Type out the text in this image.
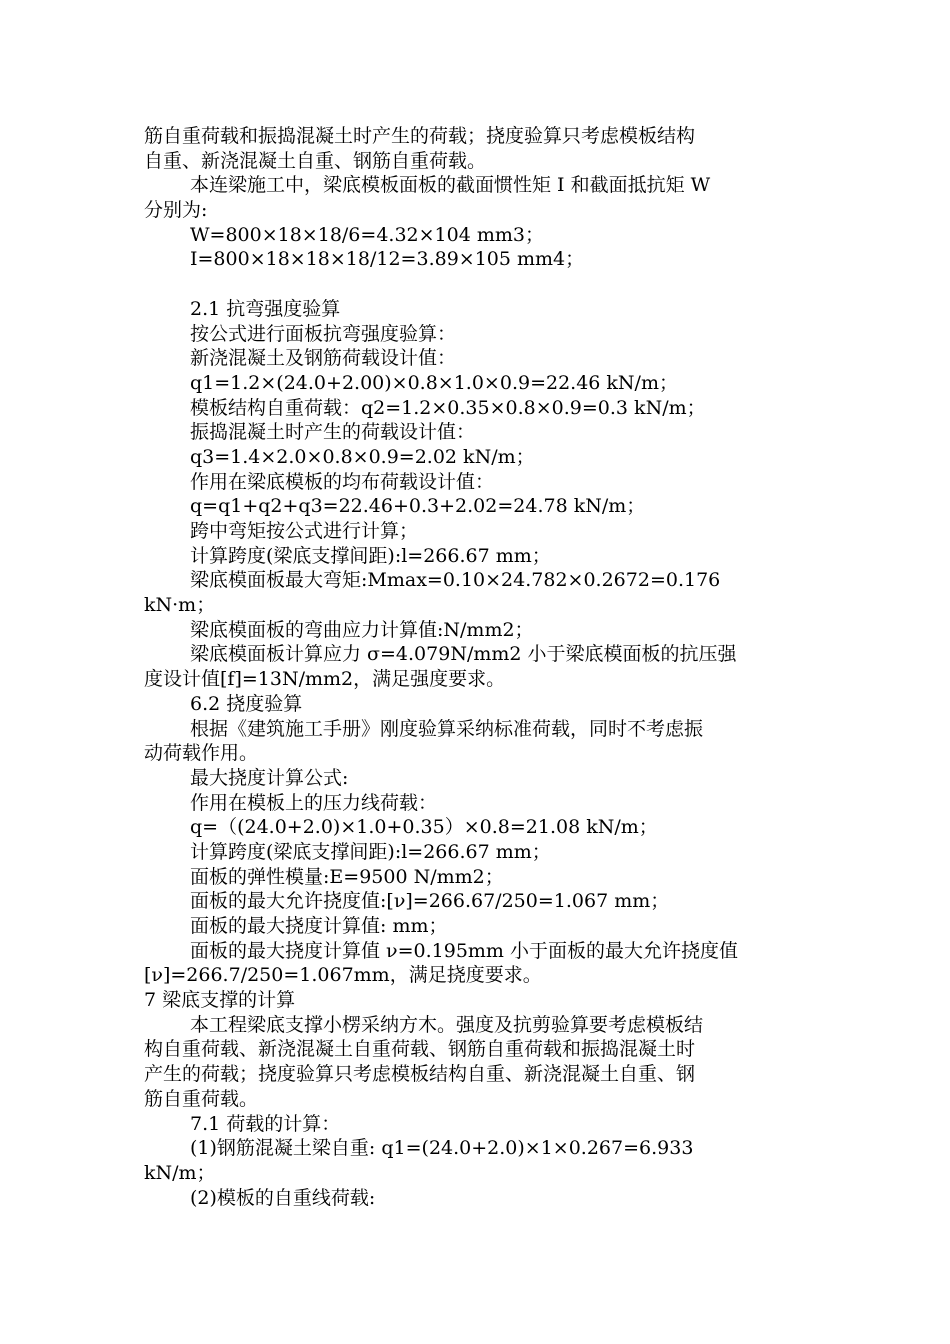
筋自重荷载和振捣混凝土时产生的荷载；挠度验算只考虑模板结构
自重、新浇混凝土自重、钢筋自重荷载。
本连梁施工中，梁底模板面板的截面惯性矩 I 和截面抵抗矩 W
分别为:
W=800×18×18/6=4.32×104 mm3；
I=800×18×18×18/12=3.89×105 mm4；
2.1 抗弯强度验算
按公式进行面板抗弯强度验算：
新浇混凝土及钢筋荷载设计值：
q1=1.2×(24.0+2.00)×0.8×1.0×0.9=22.46 kN/m；
模板结构自重荷载：q2=1.2×0.35×0.8×0.9=0.3 kN/m；
振捣混凝土时产生的荷载设计值：
q3=1.4×2.0×0.8×0.9=2.02 kN/m；
作用在梁底模板的均布荷载设计值：
q=q1+q2+q3=22.46+0.3+2.02=24.78 kN/m；
跨中弯矩按公式进行计算；
计算跨度(梁底支撑间距):l=266.67 mm；
梁底模面板最大弯矩:Mmax=0.10×24.782×0.2672=0.176
kN·m；
梁底模面板的弯曲应力计算值:N/mm2；
梁底模面板计算应力 σ=4.079N/mm2 小于梁底模面板的抗压强
度设计值[f]=13N/mm2，满足强度要求。
6.2 挠度验算
根据《建筑施工手册》刚度验算采纳标准荷载，同时不考虑振
动荷载作用。
最大挠度计算公式:
作用在模板上的压力线荷载：
q=（(24.0+2.0)×1.0+0.35）×0.8=21.08 kN/m；
计算跨度(梁底支撑间距):l=266.67 mm；
面板的弹性模量:E=9500 N/mm2；
面板的最大允许挠度值:[ν]=266.67/250=1.067 mm；
面板的最大挠度计算值: mm；
面板的最大挠度计算值 ν=0.195mm 小于面板的最大允许挠度值
[ν]=266.7/250=1.067mm，满足挠度要求。
7 梁底支撑的计算
本工程梁底支撑小楞采纳方木。强度及抗剪验算要考虑模板结
构自重荷载、新浇混凝土自重荷载、钢筋自重荷载和振捣混凝土时
产生的荷载；挠度验算只考虑模板结构自重、新浇混凝土自重、钢
筋自重荷载。
7.1 荷载的计算：
(1)钢筋混凝土梁自重: q1=(24.0+2.0)×1×0.267=6.933
kN/m；
(2)模板的自重线荷载:
